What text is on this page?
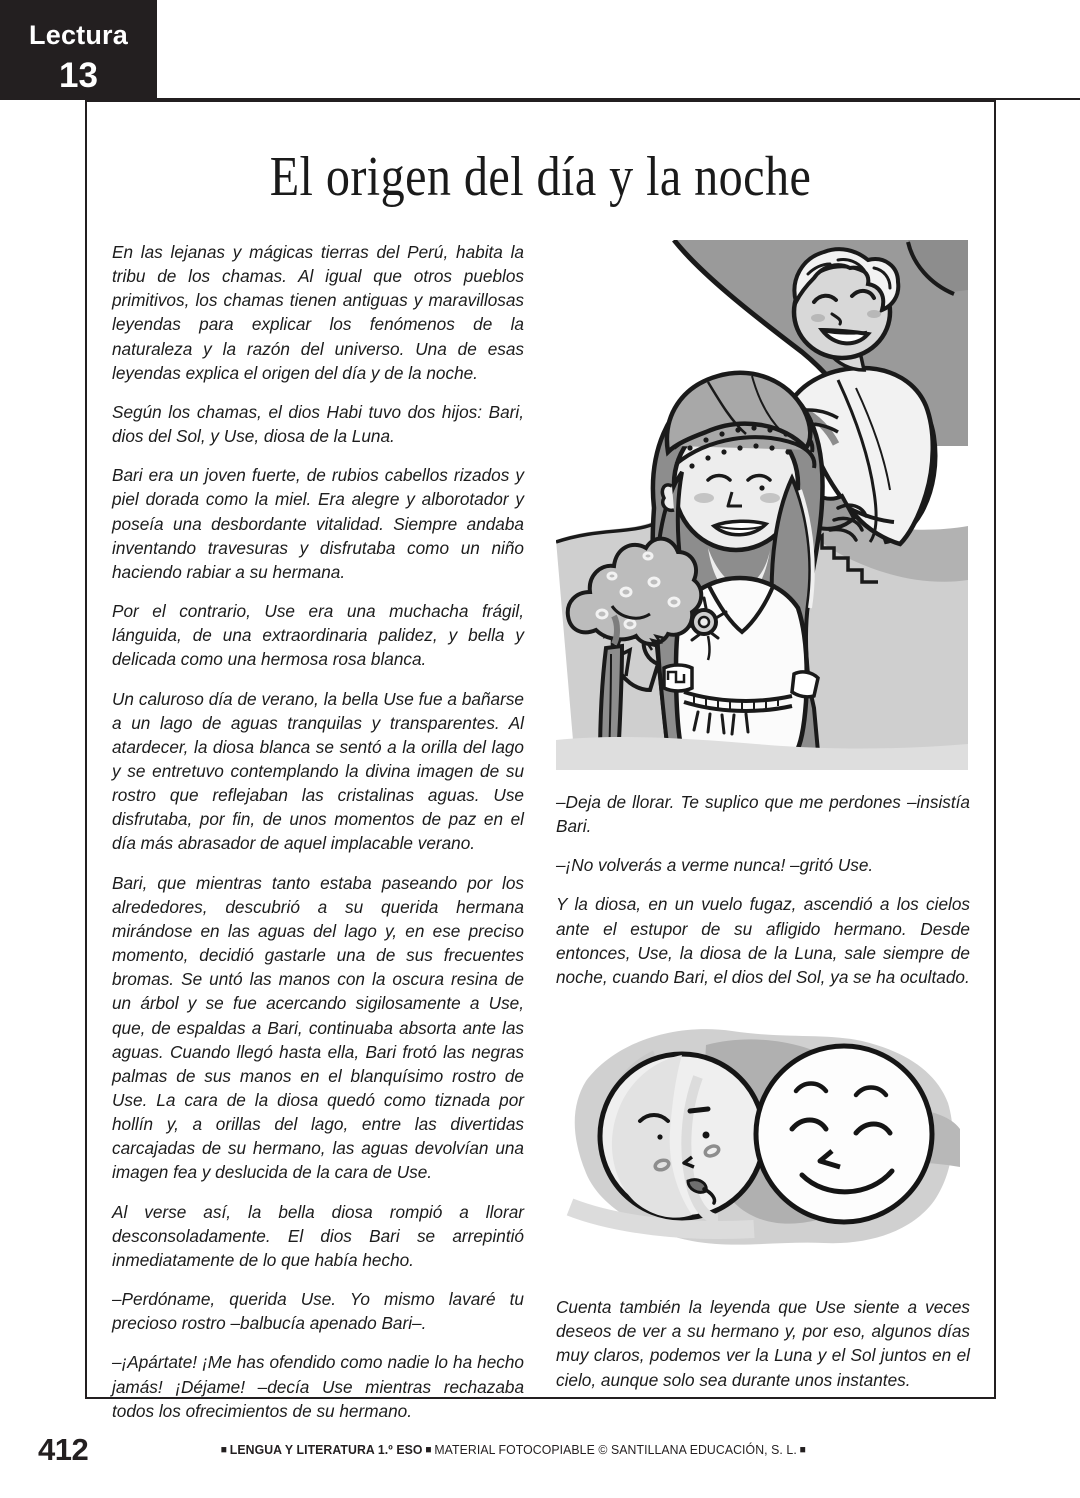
Lectura
13
El origen del día y la noche

En las lejanas y mágicas tierras del Perú, habita la tribu de los chamas. Al igual que otros pueblos primitivos, los chamas tienen antiguas y maravillosas leyendas para explicar los fenómenos de la naturaleza y la razón del universo. Una de esas leyendas explica el origen del día y de la noche.

Según los chamas, el dios Habi tuvo dos hijos: Bari, dios del Sol, y Use, diosa de la Luna.

Bari era un joven fuerte, de rubios cabellos rizados y piel dorada como la miel. Era alegre y alborotador y poseía una desbordante vitalidad. Siempre andaba inventando travesuras y disfrutaba como un niño haciendo rabiar a su hermana.

Por el contrario, Use era una muchacha frágil, lánguida, de una extraordinaria palidez, y bella y delicada como una hermosa rosa blanca.

Un caluroso día de verano, la bella Use fue a bañarse a un lago de aguas tranquilas y transparentes. Al atardecer, la diosa blanca se sentó a la orilla del lago y se entretuvo contemplando la divina imagen de su rostro que reflejaban las cristalinas aguas. Use disfrutaba, por fin, de unos momentos de paz en el día más abrasador de aquel implacable verano.

Bari, que mientras tanto estaba paseando por los alrededores, descubrió a su querida hermana mirándose en las aguas del lago y, en ese preciso momento, decidió gastarle una de sus frecuentes bromas. Se untó las manos con la oscura resina de un árbol y se fue acercando sigilosamente a Use, que, de espaldas a Bari, continuaba absorta ante las aguas. Cuando llegó hasta ella, Bari frotó las negras palmas de sus manos en el blanquísimo rostro de Use. La cara de la diosa quedó como tiznada por hollín y, a orillas del lago, entre las divertidas carcajadas de su hermano, las aguas devolvían una imagen fea y deslucida de la cara de Use.

Al verse así, la bella diosa rompió a llorar desconsoladamente. El dios Bari se arrepintió inmediatamente de lo que había hecho.

–Perdóname, querida Use. Yo mismo lavaré tu precioso rostro –balbucía apenado Bari–.

–¡Apártate! ¡Me has ofendido como nadie lo ha hecho jamás! ¡Déjame! –decía Use mientras rechazaba todos los ofrecimientos de su hermano.

–Deja de llorar. Te suplico que me perdones –insistía Bari.

–¡No volverás a verme nunca! –gritó Use.

Y la diosa, en un vuelo fugaz, ascendió a los cielos ante el estupor de su afligido hermano. Desde entonces, Use, la diosa de la Luna, sale siempre de noche, cuando Bari, el dios del Sol, ya se ha ocultado.

Cuenta también la leyenda que Use siente a veces deseos de ver a su hermano y, por eso, algunos días muy claros, podemos ver la Luna y el Sol juntos en el cielo, aunque solo sea durante unos instantes.

412	■ LENGUA Y LITERATURA 1.º ESO ■ MATERIAL FOTOCOPIABLE © SANTILLANA EDUCACIÓN, S. L. ■
